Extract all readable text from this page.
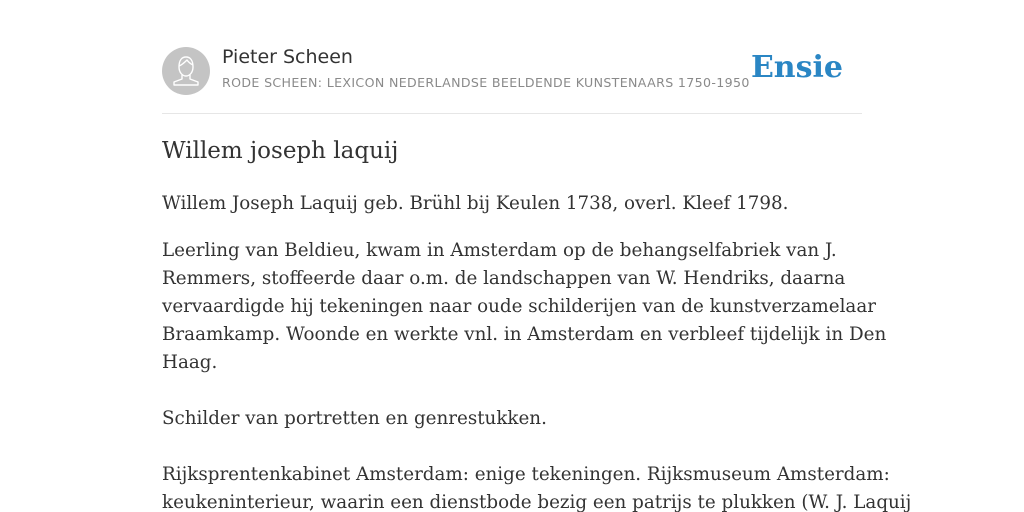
Pieter Scheen
RODE SCHEEN: LEXICON NEDERLANDSE BEELDENDE KUNSTENAARS 1750-1950 Ensie
Willem joseph laquij

Willem Joseph Laquij geb. Brühl bij Keulen 1738, overl. Kleef 1798.

Leerling van Beldieu, kwam in Amsterdam op de behangselfabriek van J.
Remmers, stoffeerde daar o.m. de landschappen van W. Hendriks, daarna
vervaardigde hij tekeningen naar oude schilderijen van de kunstverzamelaar
Braamkamp. Woonde en werkte vnl. in Amsterdam en verbleef tijdelijk in Den
Haag.

Schilder van portretten en genrestukken.

Rijksprentenkabinet Amsterdam: enige tekeningen. Rijksmuseum Amsterdam:
keukeninterieur, waarin een dienstbode bezig een patrijs te plukken (W. J. Laquij
